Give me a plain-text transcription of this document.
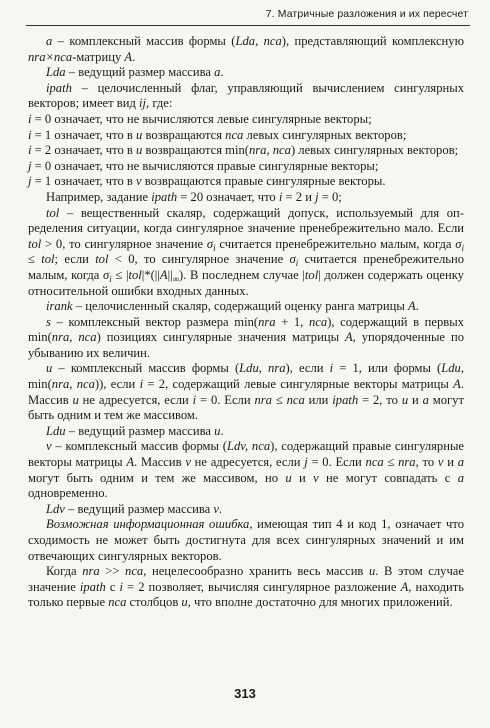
7. Матричные разложения и их пересчет

a – комплексный массив формы (Lda, nca), представляющий комплексную nra×nca-матрицу A.

Lda – ведущий размер массива a.

ipath – целочисленный флаг, управляющий вычислением сингулярных векторов; имеет вид ij, где:

i = 0 означает, что не вычисляются левые сингулярные векторы;

i = 1 означает, что в u возвращаются nca левых сингулярных векторов;

i = 2 означает, что в u возвращаются min(nra, nca) левых сингулярных векторов;

j = 0 означает, что не вычисляются правые сингулярные векторы;

j = 1 означает, что в v возвращаются правые сингулярные векторы.

Например, задание ipath = 20 означает, что i = 2 и j = 0;

tol – вещественный скаляр, содержащий допуск, используемый для определения ситуации, когда сингулярное значение пренебрежительно мало. Если tol > 0, то сингулярное значение $\sigma_i$ считается пренебрежительно малым, когда $\sigma_i$ ≤ tol; если tol < 0, то сингулярное значение $\sigma_i$ считается пренебрежительно малым, когда $\sigma_i \le |tol|*(||A||_\infty)$. В последнем случае |tol| должен содержать оценку относительной ошибки входных данных.

irank – целочисленный скаляр, содержащий оценку ранга матрицы A.

s – комплексный вектор размера min(nra + 1, nca), содержащий в первых min(nra, nca) позициях сингулярные значения матрицы A, упорядоченные по убыванию их величин.

u – комплексный массив формы (Ldu, nra), если i = 1, или формы (Ldu, min(nra, nca)), если i = 2, содержащий левые сингулярные векторы матрицы A. Массив u не адресуется, если i = 0. Если nra ≤ nca или ipath = 2, то u и a могут быть одним и тем же массивом.

Ldu – ведущий размер массива u.

v – комплексный массив формы (Ldv, nca), содержащий правые сингулярные векторы матрицы A. Массив v не адресуется, если j = 0. Если nca ≤ nra, то v и a могут быть одним и тем же массивом, но u и v не могут совпадать с a одновременно.

Ldv – ведущий размер массива v.

Возможная информационная ошибка, имеющая тип 4 и код 1, означает что сходимость не может быть достигнута для всех сингулярных значений и им отвечающих сингулярных векторов.

Когда nra >> nca, нецелесообразно хранить весь массив u. В этом случае значение ipath с i = 2 позволяет, вычисляя сингулярное разложение A, находить только первые nca столбцов u, что вполне достаточно для многих приложений.

313
